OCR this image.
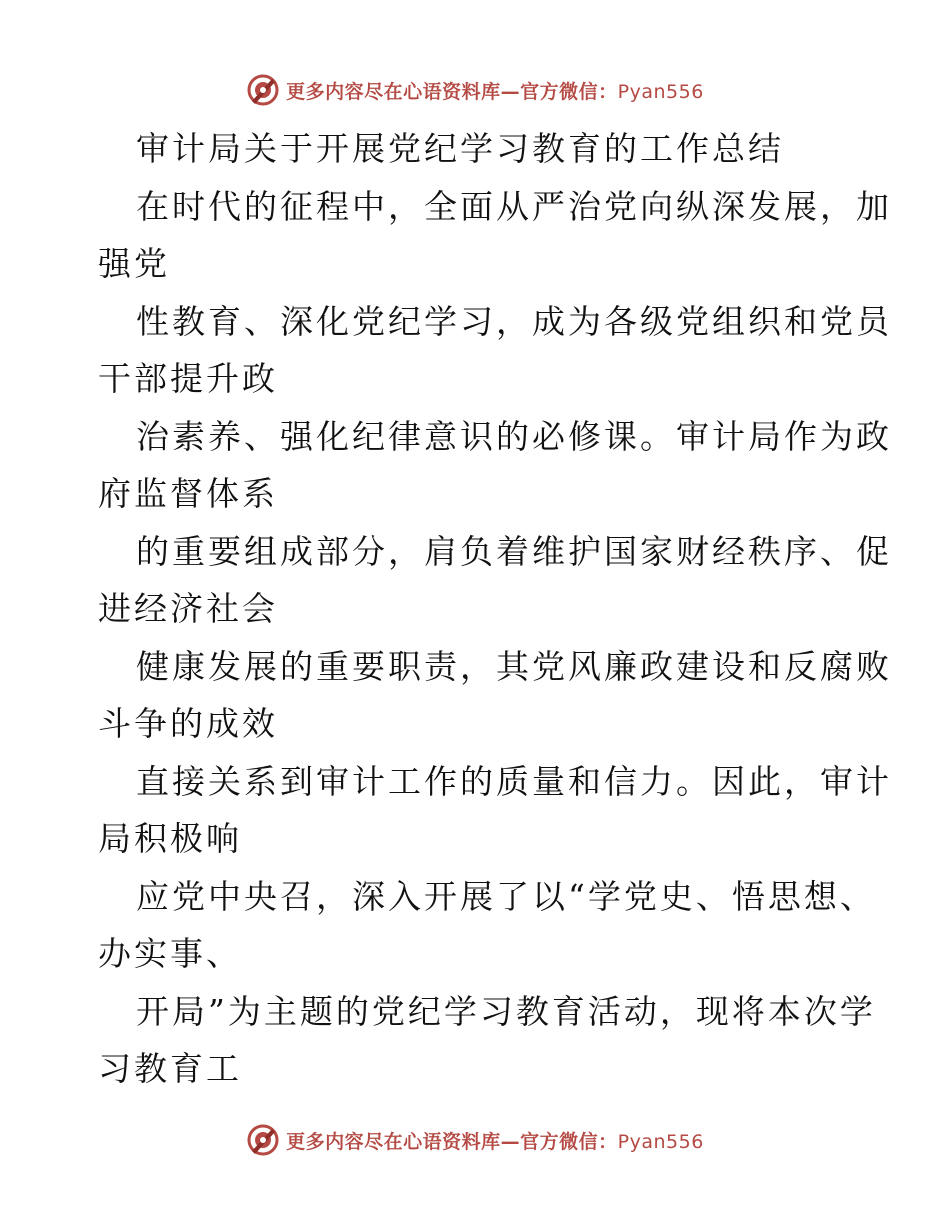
更多内容尽在心语资料库—官方微信：Pyan556
审计局关于开展党纪学习教育的工作总结
在时代的征程中，全面从严治党向纵深发展，加
强党
性教育、深化党纪学习，成为各级党组织和党员
干部提升政
治素养、强化纪律意识的必修课。审计局作为政
府监督体系
的重要组成部分，肩负着维护国家财经秩序、促
进经济社会
健康发展的重要职责，其党风廉政建设和反腐败
斗争的成效
直接关系到审计工作的质量和信力。因此，审计
局积极响
应党中央召，深入开展了以“学党史、悟思想、
办实事、
开局”为主题的党纪学习教育活动，现将本次学
习教育工
更多内容尽在心语资料库—官方微信：Pyan556
